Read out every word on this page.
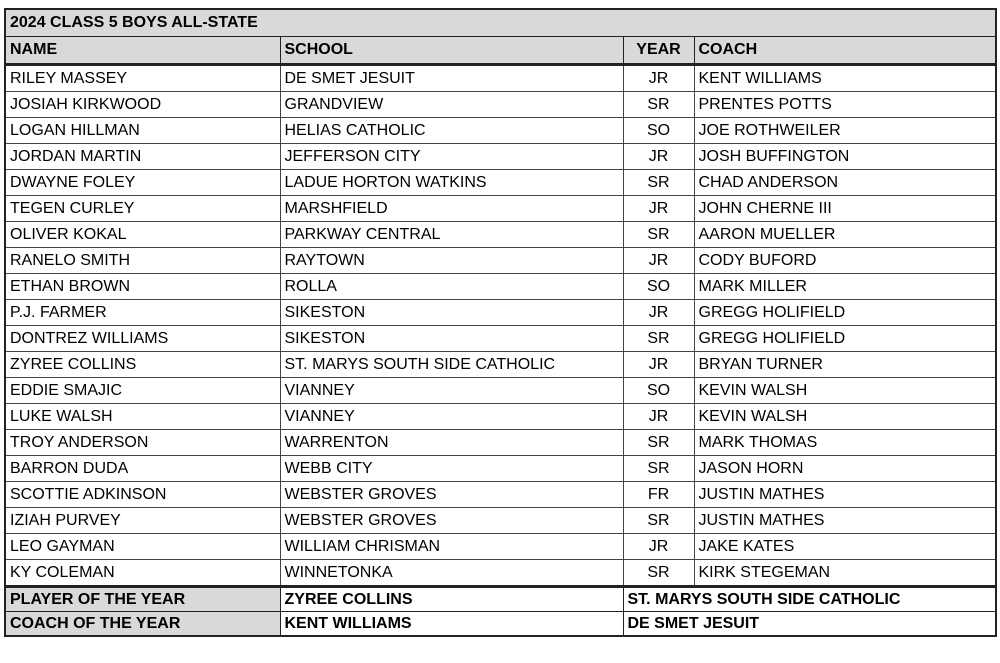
2024 CLASS 5 BOYS ALL-STATE			
NAME	SCHOOL	YEAR	COACH
RILEY MASSEY	DE SMET JESUIT	JR	KENT WILLIAMS
JOSIAH KIRKWOOD	GRANDVIEW	SR	PRENTES POTTS
LOGAN HILLMAN	HELIAS CATHOLIC	SO	JOE ROTHWEILER
JORDAN MARTIN	JEFFERSON CITY	JR	JOSH BUFFINGTON
DWAYNE FOLEY	LADUE HORTON WATKINS	SR	CHAD ANDERSON
TEGEN CURLEY	MARSHFIELD	JR	JOHN CHERNE III
OLIVER KOKAL	PARKWAY CENTRAL	SR	AARON MUELLER
RANELO SMITH	RAYTOWN	JR	CODY BUFORD
ETHAN BROWN	ROLLA	SO	MARK MILLER
P.J. FARMER	SIKESTON	JR	GREGG HOLIFIELD
DONTREZ WILLIAMS	SIKESTON	SR	GREGG HOLIFIELD
ZYREE COLLINS	ST. MARYS SOUTH SIDE CATHOLIC	JR	BRYAN TURNER
EDDIE SMAJIC	VIANNEY	SO	KEVIN WALSH
LUKE WALSH	VIANNEY	JR	KEVIN WALSH
TROY ANDERSON	WARRENTON	SR	MARK THOMAS
BARRON DUDA	WEBB CITY	SR	JASON HORN
SCOTTIE ADKINSON	WEBSTER GROVES	FR	JUSTIN MATHES
IZIAH PURVEY	WEBSTER GROVES	SR	JUSTIN MATHES
LEO GAYMAN	WILLIAM CHRISMAN	JR	JAKE KATES
KY COLEMAN	WINNETONKA	SR	KIRK STEGEMAN
PLAYER OF THE YEAR	ZYREE COLLINS	ST. MARYS SOUTH SIDE CATHOLIC	
COACH OF THE YEAR	KENT WILLIAMS	DE SMET JESUIT	
